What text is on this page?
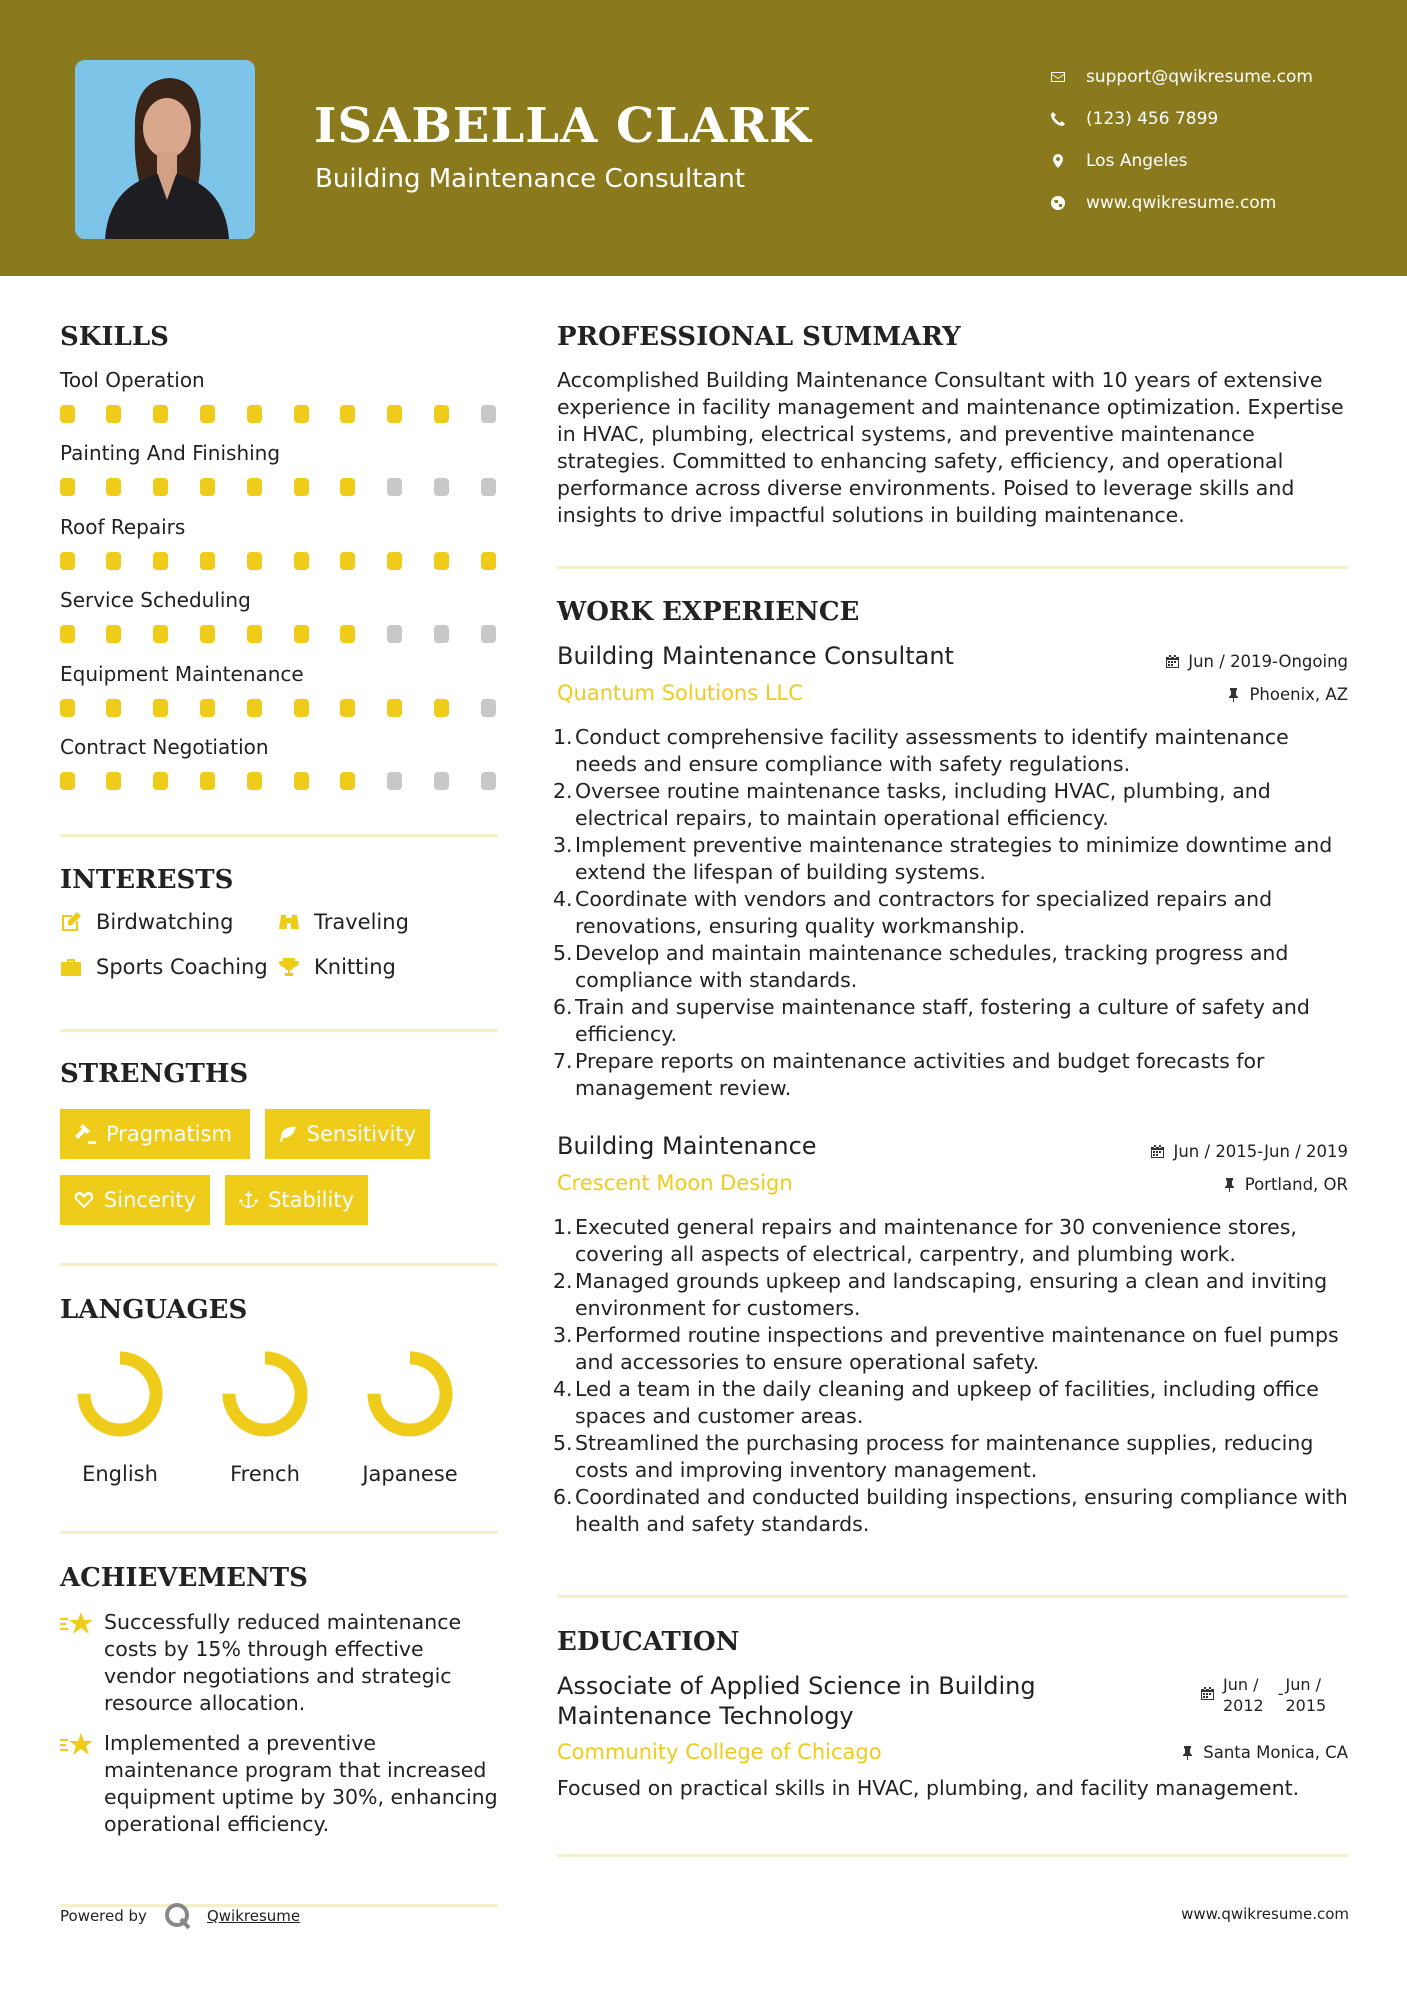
ISABELLA CLARK
Building Maintenance Consultant
support@qwikresume.com
(123) 456 7899
Los Angeles
www.qwikresume.com
SKILLS
Tool Operation
Painting And Finishing
Roof Repairs
Service Scheduling
Equipment Maintenance
Contract Negotiation
INTERESTS
Birdwatching	Traveling
Sports Coaching Knitting
STRENGTHS
Pragmatism	Sensitivity
Sincerity	Stability
LANGUAGES
English	French	Japanese
ACHIEVEMENTS
Successfully reduced maintenance costs by 15% through effective vendor negotiations and strategic resource allocation.
Implemented a preventive maintenance program that increased equipment uptime by 30%, enhancing operational efficiency.
Powered by	Qwikresume	www.qwikresume.com
PROFESSIONAL SUMMARY
Accomplished Building Maintenance Consultant with 10 years of extensive experience in facility management and maintenance optimization. Expertise in HVAC, plumbing, electrical systems, and preventive maintenance strategies. Committed to enhancing safety, efficiency, and operational performance across diverse environments. Poised to leverage skills and insights to drive impactful solutions in building maintenance.
WORK EXPERIENCE
Building Maintenance Consultant	Jun / 2019-Ongoing
Quantum Solutions LLC	Phoenix, AZ
1. Conduct comprehensive facility assessments to identify maintenance needs and ensure compliance with safety regulations.
2. Oversee routine maintenance tasks, including HVAC, plumbing, and electrical repairs, to maintain operational efficiency.
3. Implement preventive maintenance strategies to minimize downtime and extend the lifespan of building systems.
4. Coordinate with vendors and contractors for specialized repairs and renovations, ensuring quality workmanship.
5. Develop and maintain maintenance schedules, tracking progress and compliance with standards.
6. Train and supervise maintenance staff, fostering a culture of safety and efficiency.
7. Prepare reports on maintenance activities and budget forecasts for management review.
Building Maintenance	Jun / 2015-Jun / 2019
Crescent Moon Design	Portland, OR
1. Executed general repairs and maintenance for 30 convenience stores, covering all aspects of electrical, carpentry, and plumbing work.
2. Managed grounds upkeep and landscaping, ensuring a clean and inviting environment for customers.
3. Performed routine inspections and preventive maintenance on fuel pumps and accessories to ensure operational safety.
4. Led a team in the daily cleaning and upkeep of facilities, including office spaces and customer areas.
5. Streamlined the purchasing process for maintenance supplies, reducing costs and improving inventory management.
6. Coordinated and conducted building inspections, ensuring compliance with health and safety standards.
EDUCATION
Associate of Applied Science in Building
Maintenance Technology
Jun /
2012
- Jun /
2015
Community College of Chicago	Santa Monica, CA
Focused on practical skills in HVAC, plumbing, and facility management.
